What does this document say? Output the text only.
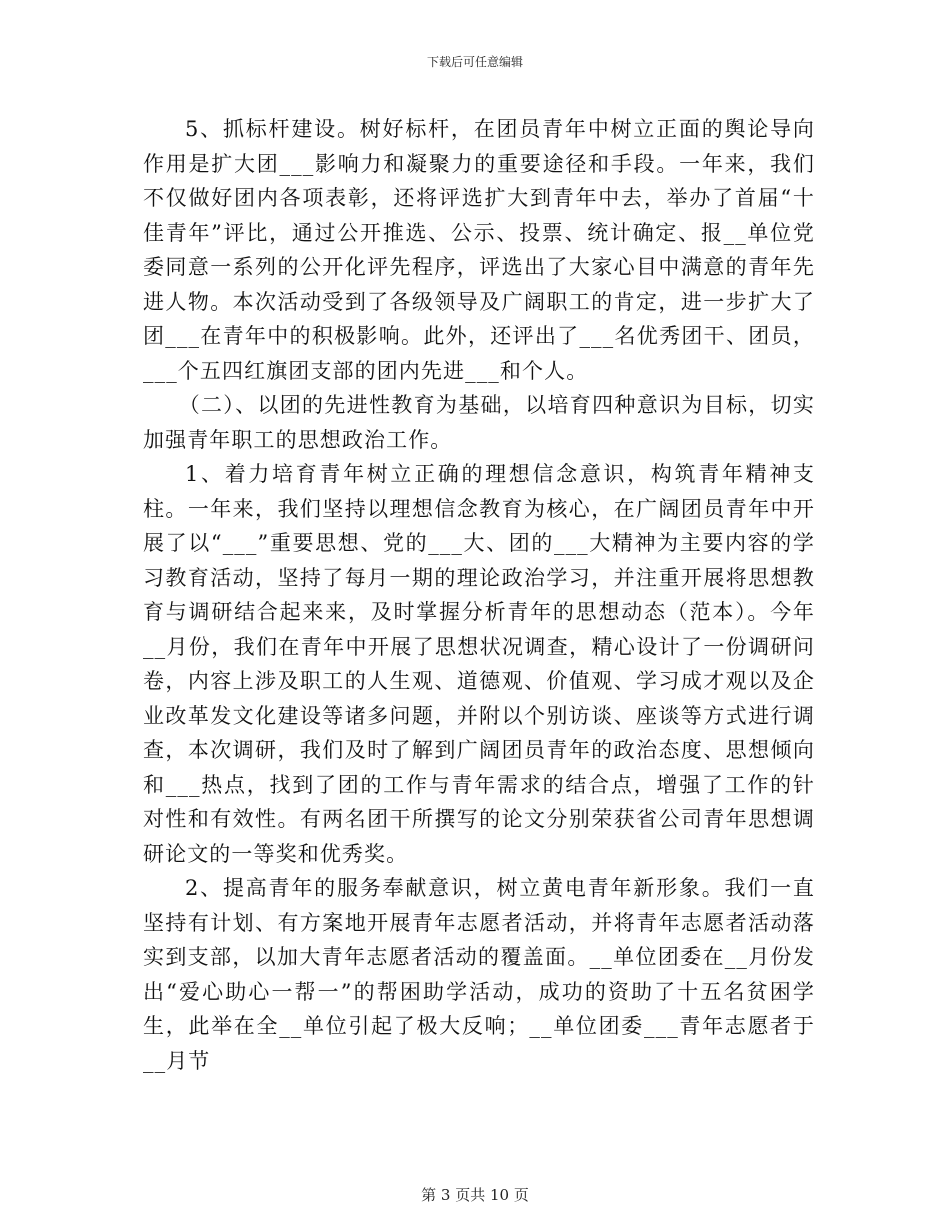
下载后可任意编辑

5、抓标杆建设。树好标杆，在团员青年中树立正面的舆论导向作用是扩大团___影响力和凝聚力的重要途径和手段。一年来，我们不仅做好团内各项表彰，还将评选扩大到青年中去，举办了首届“十佳青年”评比，通过公开推选、公示、投票、统计确定、报__单位党委同意一系列的公开化评先程序，评选出了大家心目中满意的青年先进人物。本次活动受到了各级领导及广阔职工的肯定，进一步扩大了团___在青年中的积极影响。此外，还评出了___名优秀团干、团员，___个五四红旗团支部的团内先进___和个人。

（二）、以团的先进性教育为基础，以培育四种意识为目标，切实加强青年职工的思想政治工作。

1、着力培育青年树立正确的理想信念意识，构筑青年精神支柱。一年来，我们坚持以理想信念教育为核心，在广阔团员青年中开展了以“___”重要思想、党的___大、团的___大精神为主要内容的学习教育活动，坚持了每月一期的理论政治学习，并注重开展将思想教育与调研结合起来来，及时掌握分析青年的思想动态（范本）。今年__月份，我们在青年中开展了思想状况调查，精心设计了一份调研问卷，内容上涉及职工的人生观、道德观、价值观、学习成才观以及企业改革发文化建设等诸多问题，并附以个别访谈、座谈等方式进行调查，本次调研，我们及时了解到广阔团员青年的政治态度、思想倾向和___热点，找到了团的工作与青年需求的结合点，增强了工作的针对性和有效性。有两名团干所撰写的论文分别荣获省公司青年思想调研论文的一等奖和优秀奖。

2、提高青年的服务奉献意识，树立黄电青年新形象。我们一直坚持有计划、有方案地开展青年志愿者活动，并将青年志愿者活动落实到支部，以加大青年志愿者活动的覆盖面。__单位团委在__月份发出“爱心助心一帮一”的帮困助学活动，成功的资助了十五名贫困学生，此举在全__单位引起了极大反响；__单位团委___青年志愿者于__月节

第 3 页共 10 页
